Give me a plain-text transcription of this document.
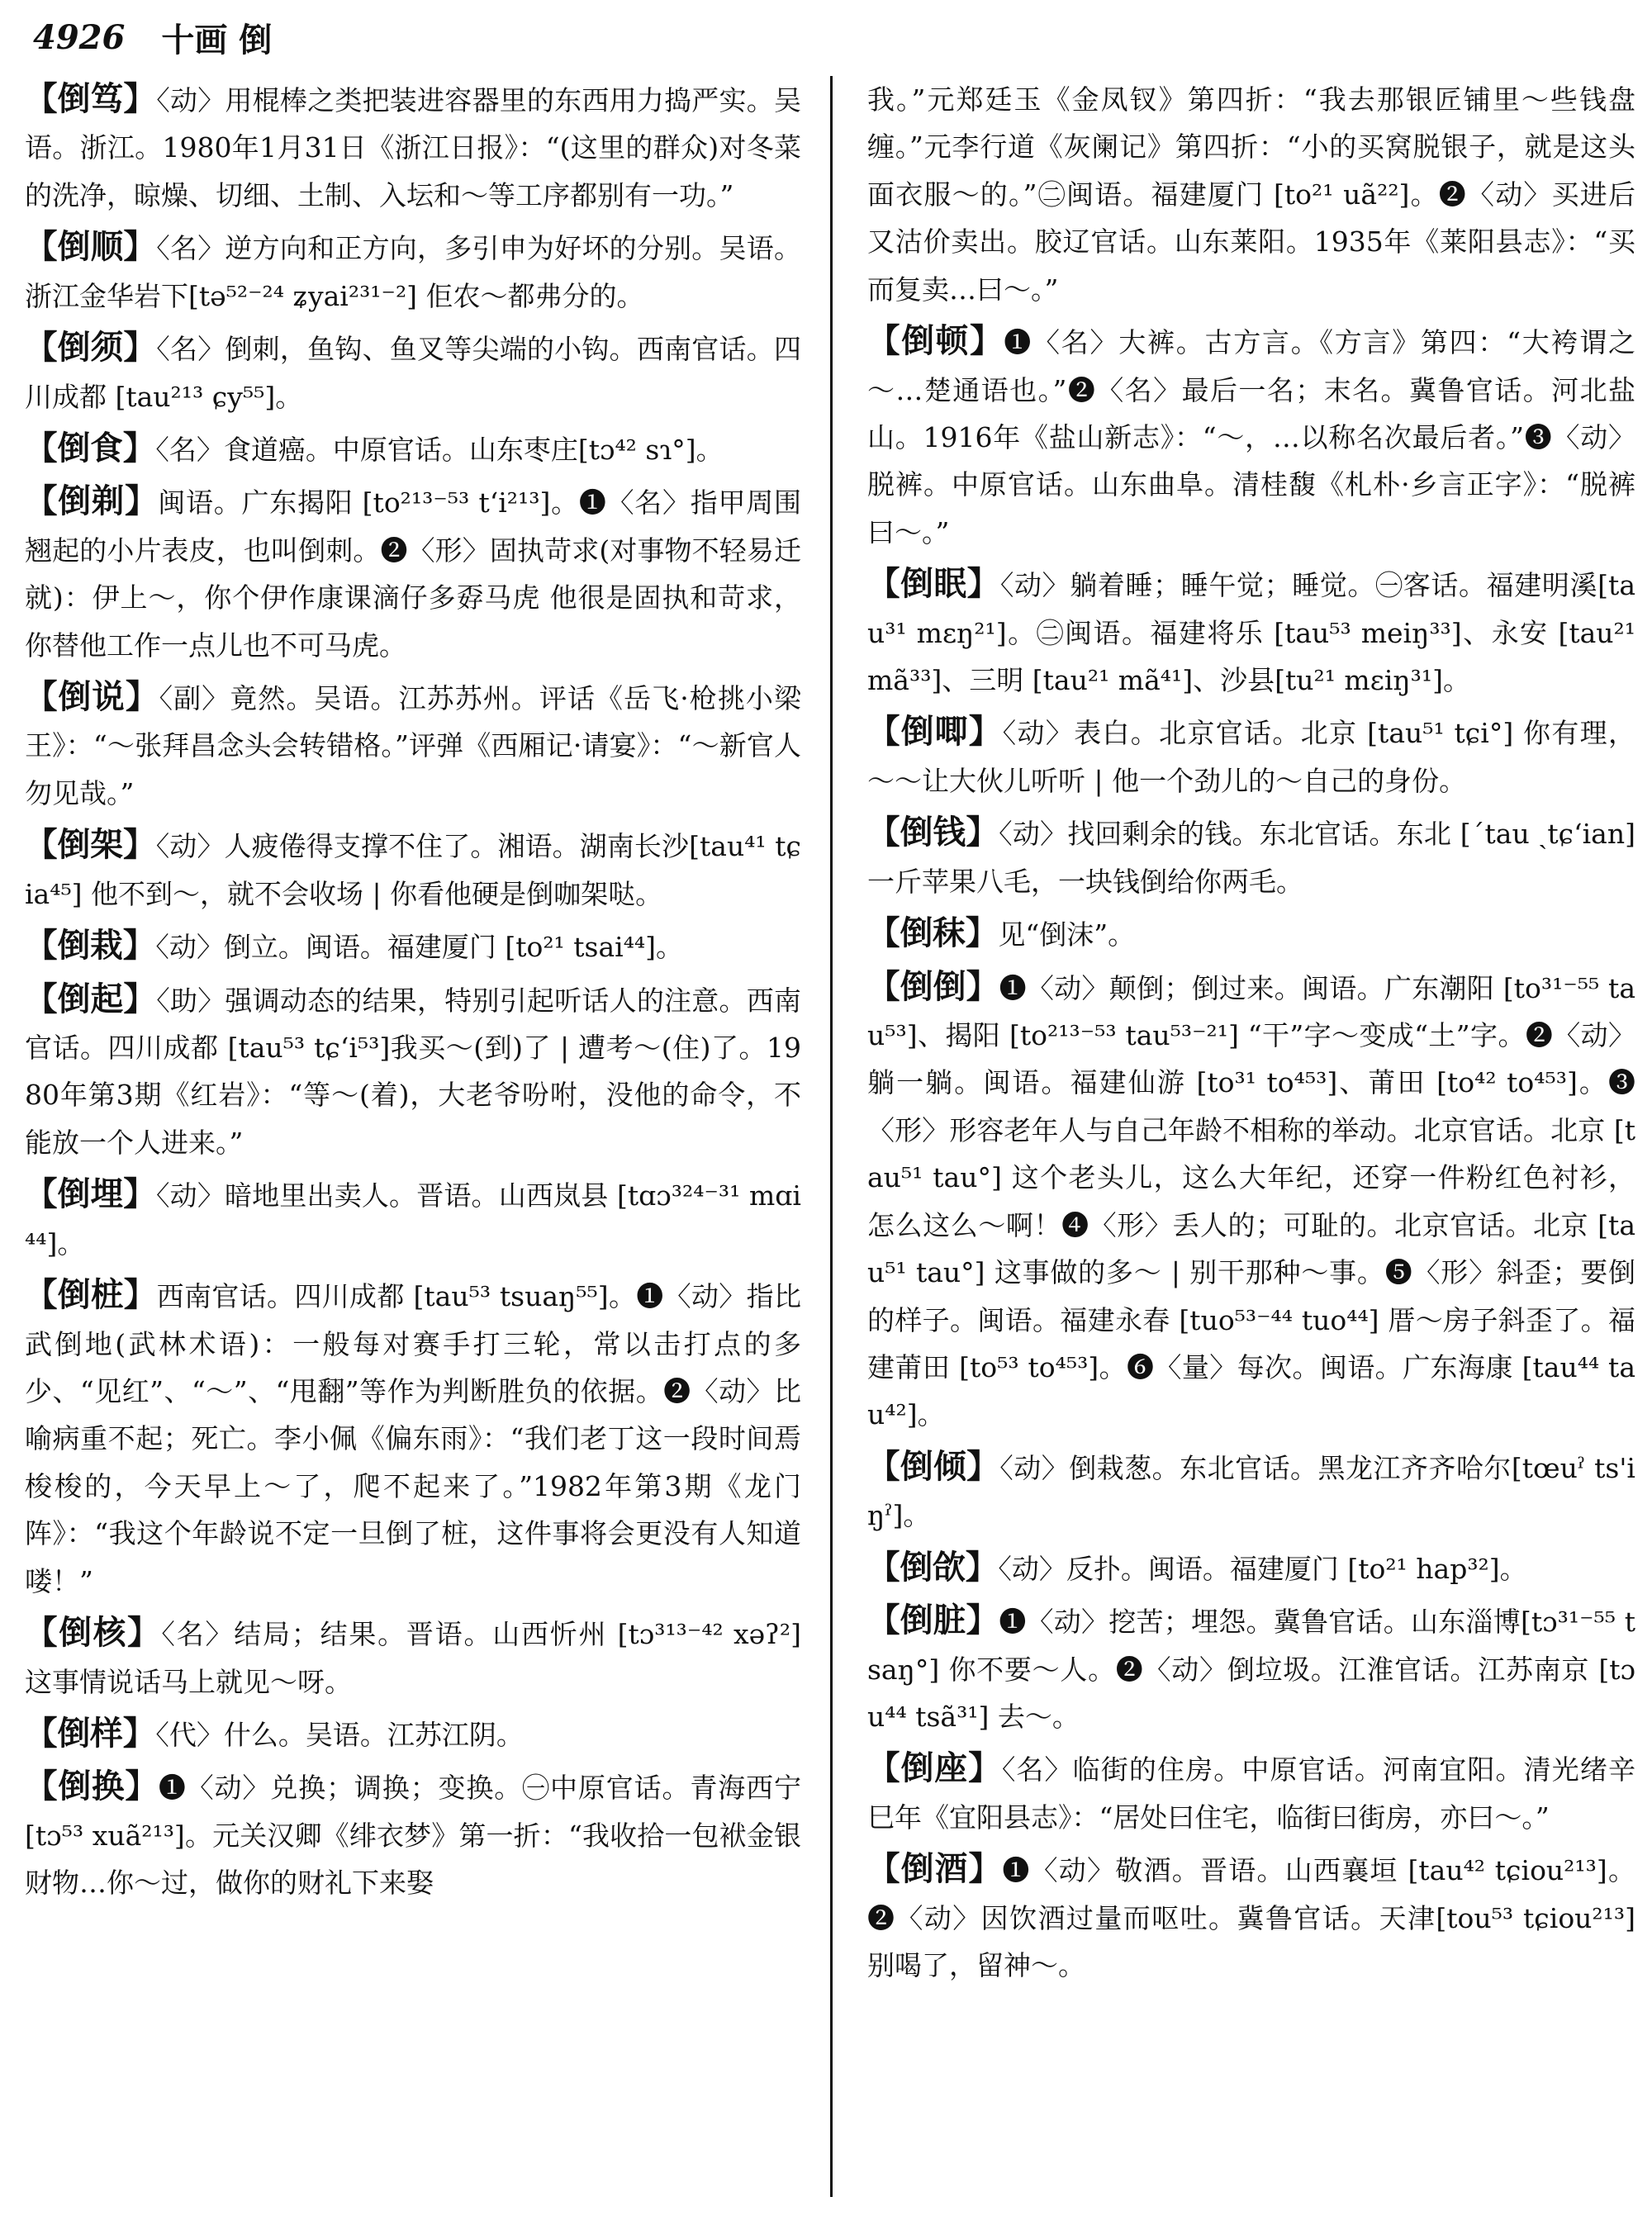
4926 十画 倒

【倒笃】〈动〉用棍棒之类把装进容器里的东西用力捣严实。吴语。浙江。1980年1月31日《浙江日报》：“(这里的群众)对冬菜的洗净，晾燥、切细、土制、入坛和～等工序都别有一功。”

【倒顺】〈名〉逆方向和正方向，多引申为好坏的分别。吴语。浙江金华岩下[tə⁵²⁻²⁴ ʑyai²³¹⁻²] 佢农～都弗分的。

【倒须】〈名〉倒刺，鱼钩、鱼叉等尖端的小钩。西南官话。四川成都 [tau²¹³ ɕy⁵⁵]。

【倒食】〈名〉食道癌。中原官话。山东枣庄[tɔ⁴² sɿ°]。

【倒剃】闽语。广东揭阳 [to²¹³⁻⁵³ tʻi²¹³]。❶〈名〉指甲周围翘起的小片表皮，也叫倒刺。❷〈形〉固执苛求(对事物不轻易迁就)：伊上～，你个伊作康课滴仔多孬马虎 他很是固执和苛求，你替他工作一点儿也不可马虎。

【倒说】〈副〉竟然。吴语。江苏苏州。评话《岳飞·枪挑小梁王》：“～张拜昌念头会转错格。”评弹《西厢记·请宴》：“～新官人勿见哉。”

【倒架】〈动〉人疲倦得支撑不住了。湘语。湖南长沙[tau⁴¹ tɕia⁴⁵] 他不到～，就不会收场 | 你看他硬是倒咖架哒。

【倒栽】〈动〉倒立。闽语。福建厦门 [to²¹ tsai⁴⁴]。

【倒起】〈助〉强调动态的结果，特别引起听话人的注意。西南官话。四川成都 [tau⁵³ tɕʻi⁵³]我买～(到)了 | 遭考～(住)了。1980年第3期《红岩》：“等～(着)，大老爷吩咐，没他的命令，不能放一个人进来。”

【倒埋】〈动〉暗地里出卖人。晋语。山西岚县 [tɑɔ³²⁴⁻³¹ mɑi⁴⁴]。

【倒桩】西南官话。四川成都 [tau⁵³ tsuaŋ⁵⁵]。❶〈动〉指比武倒地(武林术语)：一般每对赛手打三轮，常以击打点的多少、“见红”、“～”、“甩翻”等作为判断胜负的依据。❷〈动〉比喻病重不起；死亡。李小佩《偏东雨》：“我们老丁这一段时间焉梭梭的，今天早上～了，爬不起来了。”1982年第3期《龙门阵》：“我这个年龄说不定一旦倒了桩，这件事将会更没有人知道喽！”

【倒核】〈名〉结局；结果。晋语。山西忻州 [tɔ³¹³⁻⁴² xəʔ²] 这事情说话马上就见～呀。

【倒样】〈代〉什么。吴语。江苏江阴。

【倒换】❶〈动〉兑换；调换；变换。㊀中原官话。青海西宁[tɔ⁵³ xuã²¹³]。元关汉卿《绯衣梦》第一折：“我收拾一包袱金银财物…你～过，做你的财礼下来娶

我。”元郑廷玉《金凤钗》第四折：“我去那银匠铺里～些钱盘缠。”元李行道《灰阑记》第四折：“小的买窝脱银子，就是这头面衣服～的。”㊁闽语。福建厦门 [to²¹ uã²²]。❷〈动〉买进后又沽价卖出。胶辽官话。山东莱阳。1935年《莱阳县志》：“买而复卖…曰～。”

【倒顿】❶〈名〉大裤。古方言。《方言》第四：“大袴谓之～…楚通语也。”❷〈名〉最后一名；末名。冀鲁官话。河北盐山。1916年《盐山新志》：“～，…以称名次最后者。”❸〈动〉脱裤。中原官话。山东曲阜。清桂馥《札朴·乡言正字》：“脱裤曰～。”

【倒眠】〈动〉躺着睡；睡午觉；睡觉。㊀客话。福建明溪[tau³¹ mɛŋ²¹]。㊁闽语。福建将乐 [tau⁵³ meiŋ³³]、永安 [tau²¹ mã³³]、三明 [tau²¹ mã⁴¹]、沙县[tu²¹ mɛiŋ³¹]。

【倒唧】〈动〉表白。北京官话。北京 [tau⁵¹ tɕi°] 你有理，～～让大伙儿听听 | 他一个劲儿的～自己的身份。

【倒钱】〈动〉找回剩余的钱。东北官话。东北 [ˊtau ˏtɕʻian] 一斤苹果八毛，一块钱倒给你两毛。

【倒秣】见“倒沫”。

【倒倒】❶〈动〉颠倒；倒过来。闽语。广东潮阳 [to³¹⁻⁵⁵ tau⁵³]、揭阳 [to²¹³⁻⁵³ tau⁵³⁻²¹] “干”字～变成“土”字。❷〈动〉躺一躺。闽语。福建仙游 [to³¹ to⁴⁵³]、莆田 [to⁴² to⁴⁵³]。❸〈形〉形容老年人与自己年龄不相称的举动。北京官话。北京 [tau⁵¹ tau°] 这个老头儿，这么大年纪，还穿一件粉红色衬衫，怎么这么～啊！❹〈形〉丢人的；可耻的。北京官话。北京 [tau⁵¹ tau°] 这事做的多～ | 别干那种～事。❺〈形〉斜歪；要倒的样子。闽语。福建永春 [tuo⁵³⁻⁴⁴ tuo⁴⁴] 厝～房子斜歪了。福建莆田 [to⁵³ to⁴⁵³]。❻〈量〉每次。闽语。广东海康 [tau⁴⁴ tau⁴²]。

【倒倾】〈动〉倒栽葱。东北官话。黑龙江齐齐哈尔[tœuˀ ts'iŋˀ]。

【倒欱】〈动〉反扑。闽语。福建厦门 [to²¹ hap³²]。

【倒脏】❶〈动〉挖苦；埋怨。冀鲁官话。山东淄博[tɔ³¹⁻⁵⁵ tsaŋ°] 你不要～人。❷〈动〉倒垃圾。江淮官话。江苏南京 [tɔu⁴⁴ tsã³¹] 去～。

【倒座】〈名〉临街的住房。中原官话。河南宜阳。清光绪辛巳年《宜阳县志》：“居处曰住宅，临街曰街房，亦曰～。”

【倒酒】❶〈动〉敬酒。晋语。山西襄垣 [tau⁴² tɕiou²¹³]。❷〈动〉因饮酒过量而呕吐。冀鲁官话。天津[tou⁵³ tɕiou²¹³] 别喝了，留神～。
